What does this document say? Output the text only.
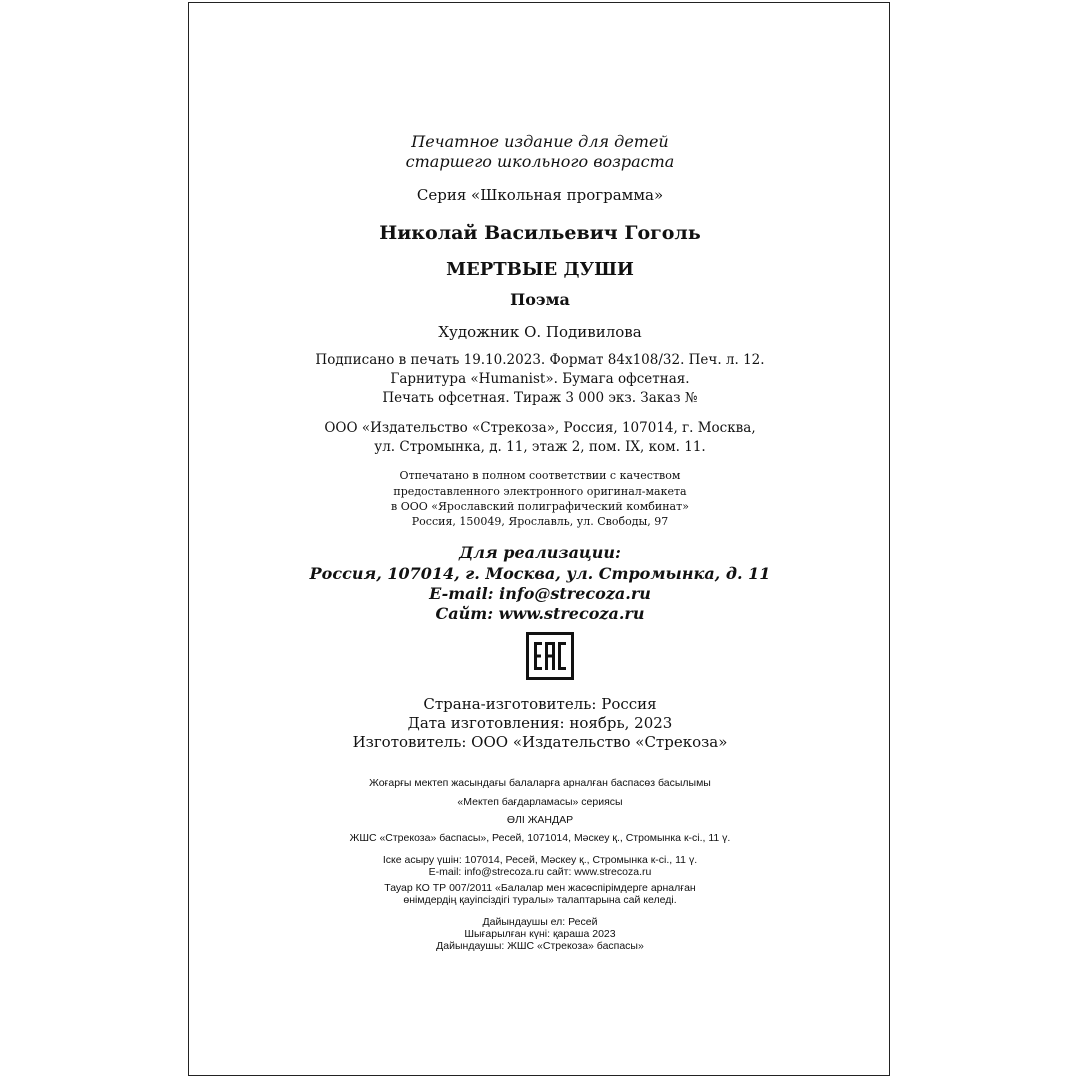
Печатное издание для детей
старшего школьного возраста
Серия «Школьная программа»
Николай Васильевич Гоголь
МЕРТВЫЕ ДУШИ
Поэма
Художник О. Подивилова
Подписано в печать 19.10.2023. Формат 84х108/32. Печ. л. 12.
Гарнитура «Humanist». Бумага офсетная.
Печать офсетная. Тираж 3 000 экз. Заказ №
ООО «Издательство «Стрекоза», Россия, 107014, г. Москва,
ул. Стромынка, д. 11, этаж 2, пом. IX, ком. 11.
Отпечатано в полном соответствии с качеством
предоставленного электронного оригинал-макета
в ООО «Ярославский полиграфический комбинат»
Россия, 150049, Ярославль, ул. Свободы, 97
Для реализации:
Россия, 107014, г. Москва, ул. Стромынка, д. 11
E-mail: info@strecoza.ru
Сайт: www.strecoza.ru
Страна-изготовитель: Россия
Дата изготовления: ноябрь, 2023
Изготовитель: ООО «Издательство «Стрекоза»
Жоғарғы мектеп жасындағы балаларға арналған баспасөз басылымы
«Мектеп бағдарламасы» сериясы
ӨЛІ ЖАНДАР
ЖШС «Стрекоза» баспасы», Ресей, 1071014, Мәскеу қ., Стромынка к-сі., 11 ү.
Іске асыру үшін: 107014, Ресей, Мәскеу қ., Стромынка к-сі., 11 ү.
E-mail: info@strecoza.ru сайт: www.strecoza.ru
Тауар КО ТР 007/2011 «Балалар мен жасөспірімдерге арналған
өнімдердің қауіпсіздігі туралы» талаптарына сай келеді.
Дайындаушы ел: Ресей
Шығарылған күні: қараша 2023
Дайындаушы: ЖШС «Стрекоза» баспасы»
